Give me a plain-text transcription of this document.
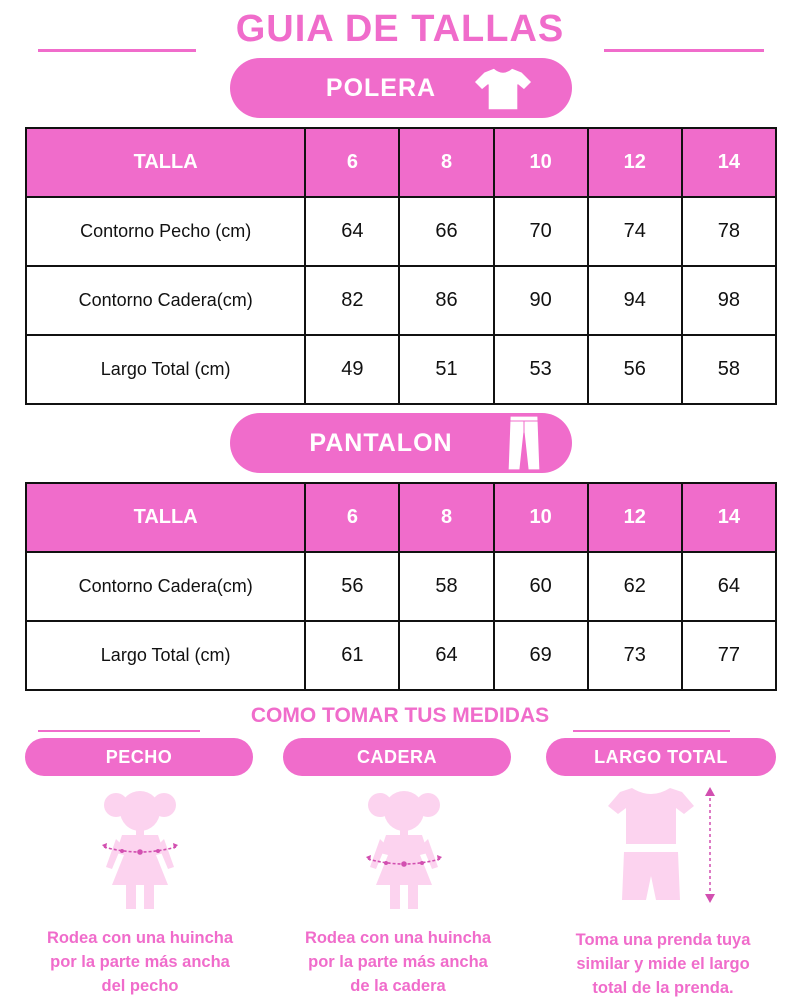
GUIA DE TALLAS
POLERA
TALLA	6	8	10	12	14
Contorno Pecho (cm)	64	66	70	74	78
Contorno Cadera(cm)	82	86	90	94	98
Largo Total (cm)	49	51	53	56	58
PANTALON
TALLA	6	8	10	12	14
Contorno Cadera(cm)	56	58	60	62	64
Largo Total (cm)	61	64	69	73	77
COMO TOMAR TUS MEDIDAS
PECHO	CADERA	LARGO TOTAL
Rodea con una huincha
por la parte más ancha
del pecho
Rodea con una huincha
por la parte más ancha
de la cadera
Toma una prenda tuya
similar y mide el largo
total de la prenda.
